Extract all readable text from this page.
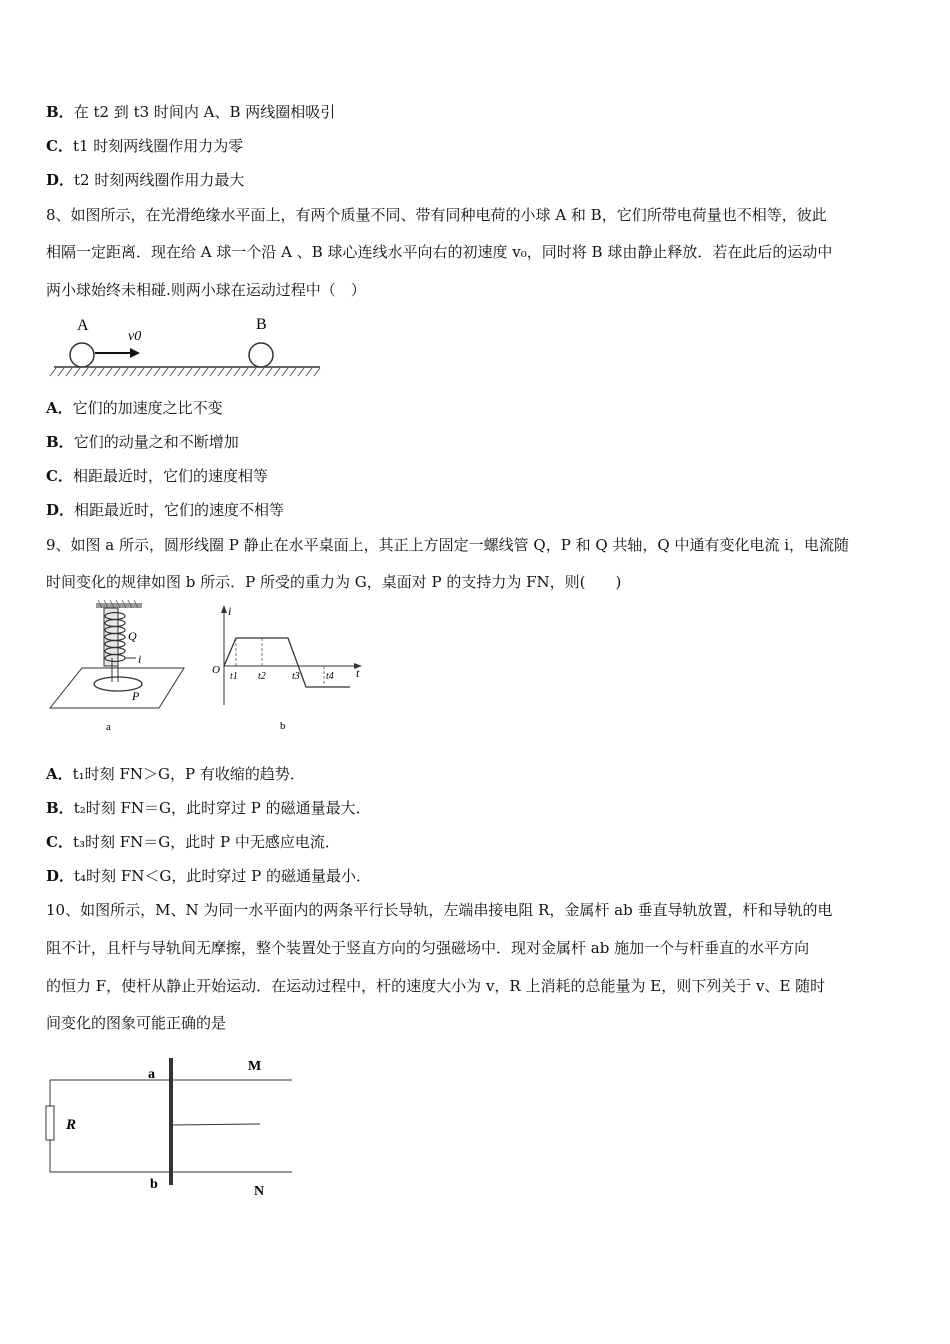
B．在 t2 到 t3 时间内 A、B 两线圈相吸引
C．t1 时刻两线圈作用力为零
D．t2 时刻两线圈作用力最大
8、如图所示，在光滑绝缘水平面上，有两个质量不同、带有同种电荷的小球 A 和 B，它们所带电荷量也不相等，彼此
相隔一定距离．现在给 A 球一个沿 A 、B 球心连线水平向右的初速度 v₀，同时将 B 球由静止释放．若在此后的运动中
两小球始终未相碰.则两小球在运动过程中（　）
A	B
v0
A．它们的加速度之比不变
B．它们的动量之和不断增加
C．相距最近时，它们的速度相等
D．相距最近时，它们的速度不相等
9、如图 a 所示，圆形线圈 P 静止在水平桌面上，其正上方固定一螺线管 Q，P 和 Q 共轴，Q 中通有变化电流 i，电流随
时间变化的规律如图 b 所示．P 所受的重力为 G，桌面对 P 的支持力为 FN，则(　　)
Q
i
P
a
i
t
O
t1 t2	t3	t4
b
A．t₁时刻 FN＞G，P 有收缩的趋势．
B．t₂时刻 FN＝G，此时穿过 P 的磁通量最大．
C．t₃时刻 FN＝G，此时 P 中无感应电流．
D．t₄时刻 FN＜G，此时穿过 P 的磁通量最小．
10、如图所示，M、N 为同一水平面内的两条平行长导轨，左端串接电阻 R，金属杆 ab 垂直导轨放置，杆和导轨的电
阻不计，且杆与导轨间无摩擦，整个装置处于竖直方向的匀强磁场中．现对金属杆 ab 施加一个与杆垂直的水平方向
的恒力 F，使杆从静止开始运动．在运动过程中，杆的速度大小为 v，R 上消耗的总能量为 E，则下列关于 v、E 随时
间变化的图象可能正确的是
a
b
M
N
R
